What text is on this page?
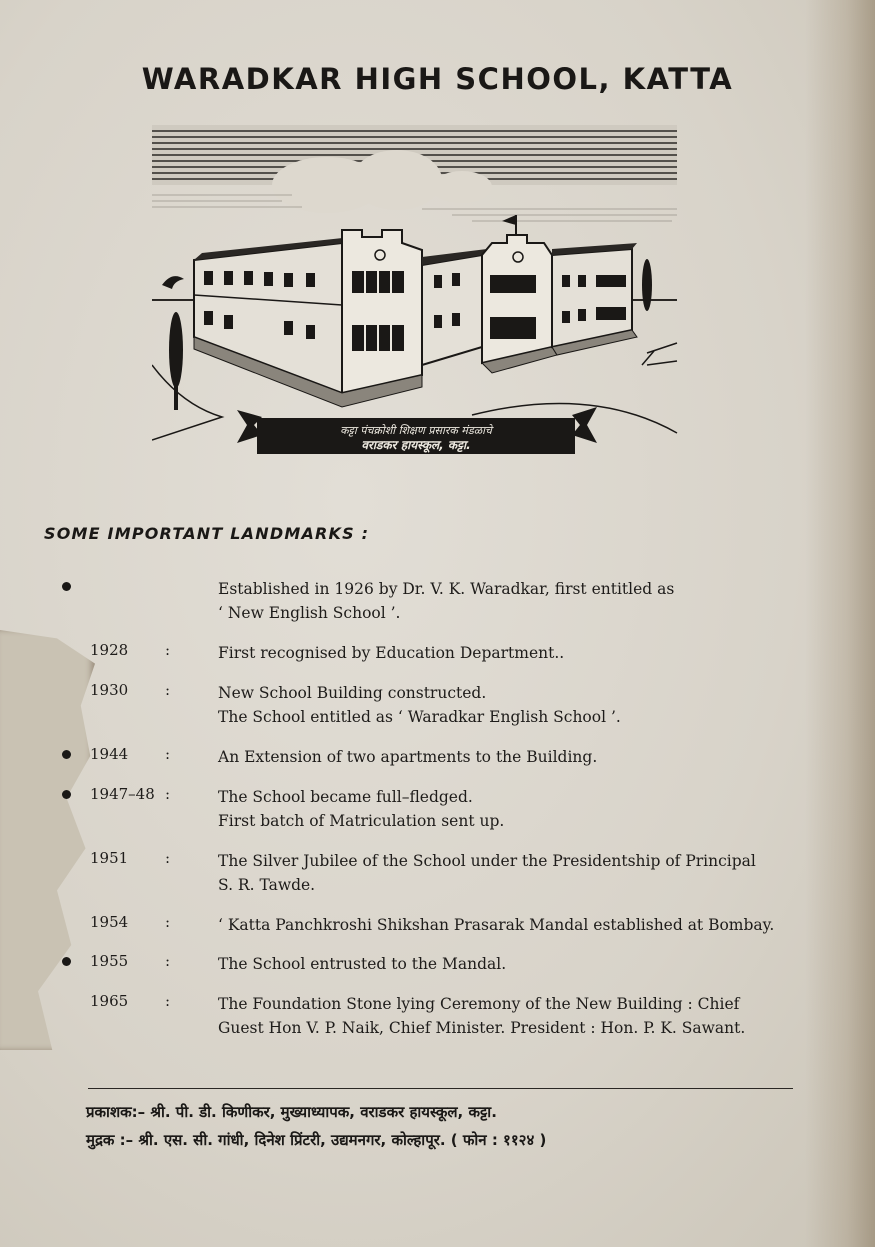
WARADKAR HIGH SCHOOL, KATTA
कट्टा पंचक्रोशी शिक्षण प्रसारक मंडळाचे
वराडकर हायस्कूल, कट्टा.
SOME IMPORTANT LANDMARKS :
Established in 1926 by Dr. V. K. Waradkar, first entitled as
‘ New English School ’.
1928 :	First recognised by Education Department..
1930 :	New School Building constructed.
The School entitled as ‘ Waradkar English School ’.
1944 :	An Extension of two apartments to the Building.
1947–48 :	The School became full–fledged.
First batch of Matriculation sent up.
1951 :	The Silver Jubilee of the School under the Presidentship of Principal
S. R. Tawde.
1954 :	‘ Katta Panchkroshi Shikshan Prasarak Mandal established at Bombay.
1955 :	The School entrusted to the Mandal.
1965 :	The Foundation Stone lying Ceremony of the New Building : Chief
Guest Hon V. P. Naik, Chief Minister. President : Hon. P. K. Sawant.
प्रकाशक:– श्री. पी. डी. किणीकर, मुख्याध्यापक, वराडकर हायस्कूल, कट्टा.
मुद्रक :– श्री. एस. सी. गांधी, दिनेश प्रिंटरी, उद्यमनगर, कोल्हापूर. ( फोन : ११२४ )
